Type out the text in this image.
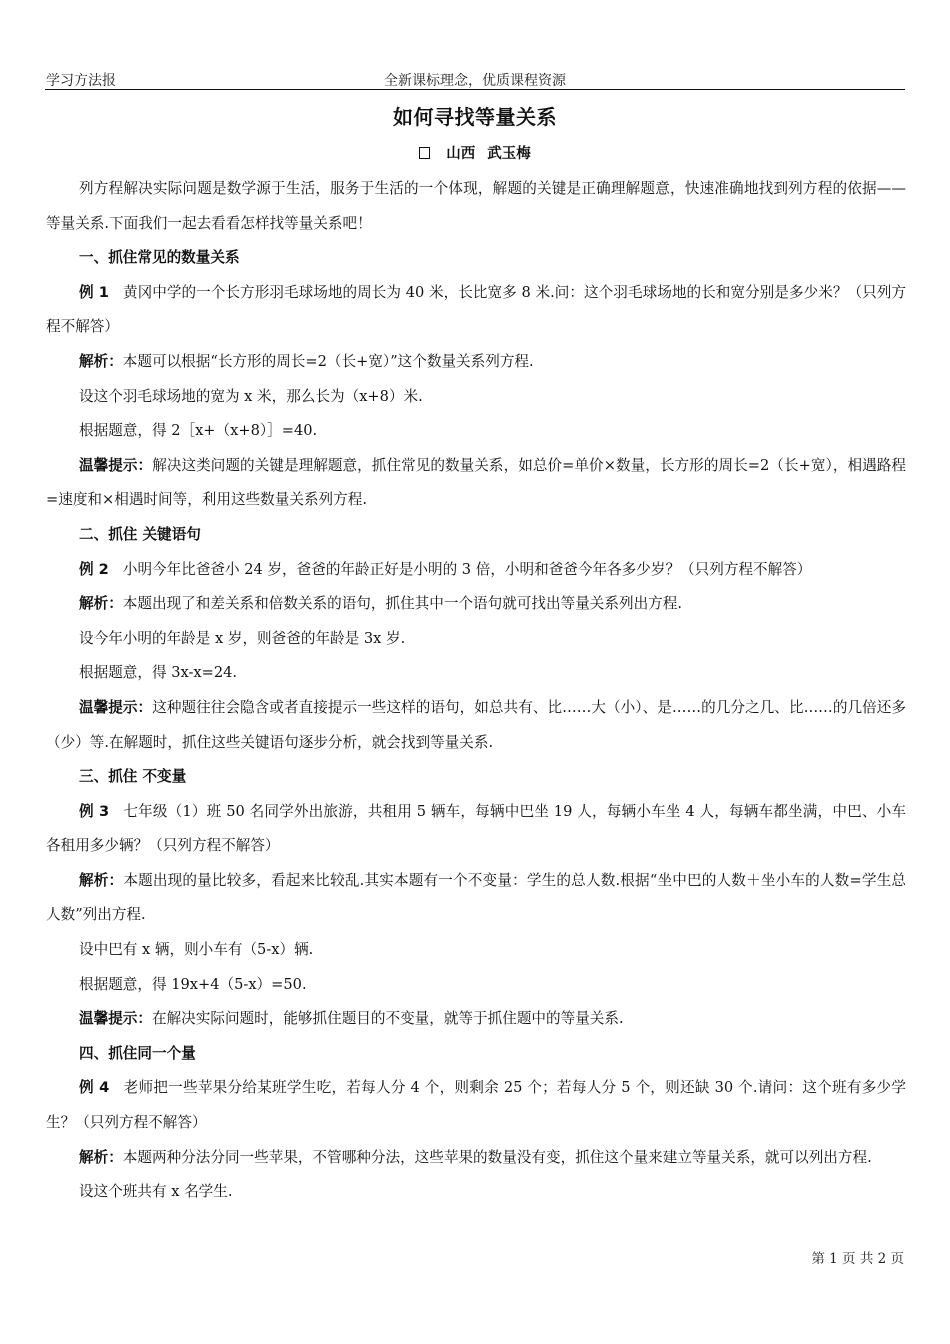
学习方法报	全新课标理念，优质课程资源
如何寻找等量关系
山西 武玉梅

列方程解决实际问题是数学源于生活，服务于生活的一个体现，解题的关键是正确理解题意，快速准确地找到列方程的依据——等量关系.下面我们一起去看看怎样找等量关系吧！

一、抓住常见的数量关系

例 1 黄冈中学的一个长方形羽毛球场地的周长为 40 米，长比宽多 8 米.问：这个羽毛球场地的长和宽分别是多少米？（只列方程不解答）

解析：本题可以根据“长方形的周长=2（长+宽）”这个数量关系列方程.

设这个羽毛球场地的宽为 x 米，那么长为（x+8）米.

根据题意，得 2［x+（x+8）］=40.

温馨提示：解决这类问题的关键是理解题意，抓住常见的数量关系，如总价=单价×数量，长方形的周长=2（长+宽），相遇路程=速度和×相遇时间等，利用这些数量关系列方程.

二、抓住 关键语句

例 2 小明今年比爸爸小 24 岁，爸爸的年龄正好是小明的 3 倍，小明和爸爸今年各多少岁？（只列方程不解答）

解析：本题出现了和差关系和倍数关系的语句，抓住其中一个语句就可找出等量关系列出方程.

设今年小明的年龄是 x 岁，则爸爸的年龄是 3x 岁.

根据题意，得 3x-x=24.

温馨提示：这种题往往会隐含或者直接提示一些这样的语句，如总共有、比……大（小）、是……的几分之几、比……的几倍还多（少）等.在解题时，抓住这些关键语句逐步分析，就会找到等量关系.

三、抓住 不变量

例 3 七年级（1）班 50 名同学外出旅游，共租用 5 辆车，每辆中巴坐 19 人，每辆小车坐 4 人，每辆车都坐满，中巴、小车各租用多少辆？（只列方程不解答）

解析：本题出现的量比较多，看起来比较乱.其实本题有一个不变量：学生的总人数.根据“坐中巴的人数＋坐小车的人数=学生总人数”列出方程.

设中巴有 x 辆，则小车有（5-x）辆.

根据题意，得 19x+4（5-x）=50.

温馨提示：在解决实际问题时，能够抓住题目的不变量，就等于抓住题中的等量关系.

四、抓住同一个量

例 4 老师把一些苹果分给某班学生吃，若每人分 4 个，则剩余 25 个；若每人分 5 个，则还缺 30 个.请问：这个班有多少学生？（只列方程不解答）

解析：本题两种分法分同一些苹果，不管哪种分法，这些苹果的数量没有变，抓住这个量来建立等量关系，就可以列出方程.

设这个班共有 x 名学生.

第 1 页 共 2 页
